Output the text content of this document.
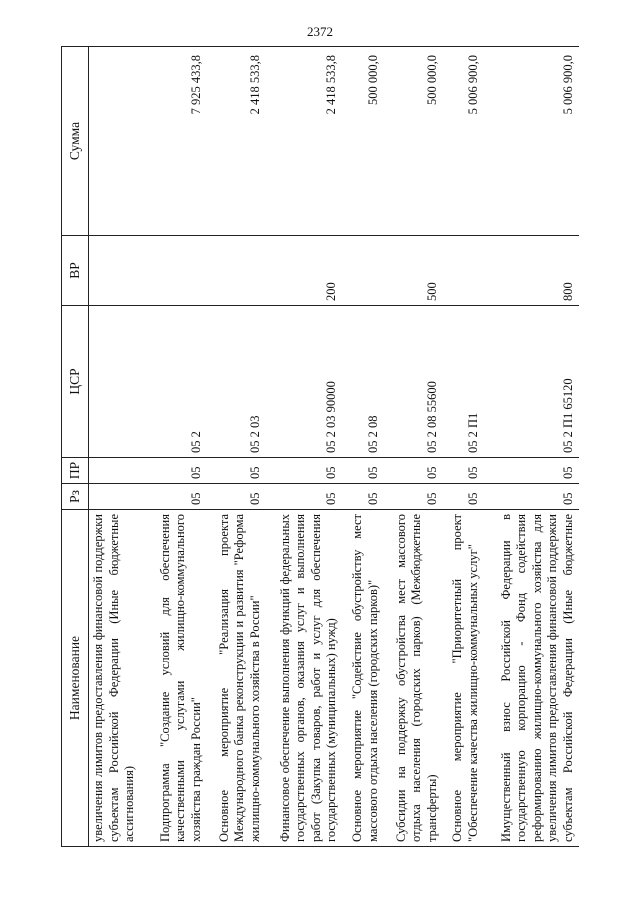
2372
Наименование	Рз	ПР	ЦСР	ВР	Сумма
увеличения лимитов предоставления финансовой поддержки субъектам Российской Федерации (Иные бюджетные ассигнования)					
Подпрограмма "Создание условий для обеспечения качественными услугами жилищно-коммунального хозяйства граждан России"	05	05	05 2		7 925 433,8
Основное мероприятие "Реализация проекта Международного банка реконструкции и развития "Реформа жилищно-коммунального хозяйства в России"	05	05	05 2 03		2 418 533,8
Финансовое обеспечение выполнения функций федеральных государственных органов, оказания услуг и выполнения работ (Закупка товаров, работ и услуг для обеспечения государственных (муниципальных) нужд)	05	05	05 2 03 90000	200	2 418 533,8
Основное мероприятие "Содействие обустройству мест массового отдыха населения (городских парков)"	05	05	05 2 08		500 000,0
Субсидии на поддержку обустройства мест массового отдыха населения (городских парков) (Межбюджетные трансферты)	05	05	05 2 08 55600	500	500 000,0
Основное мероприятие "Приоритетный проект "Обеспечение качества жилищно-коммунальных услуг"	05	05	05 2 П1		5 006 900,0
Имущественный взнос Российской Федерации в государственную корпорацию - Фонд содействия реформированию жилищно-коммунального хозяйства для увеличения лимитов предоставления финансовой поддержки субъектам Российской Федерации (Иные бюджетные	05	05	05 2 П1 65120	800	5 006 900,0
